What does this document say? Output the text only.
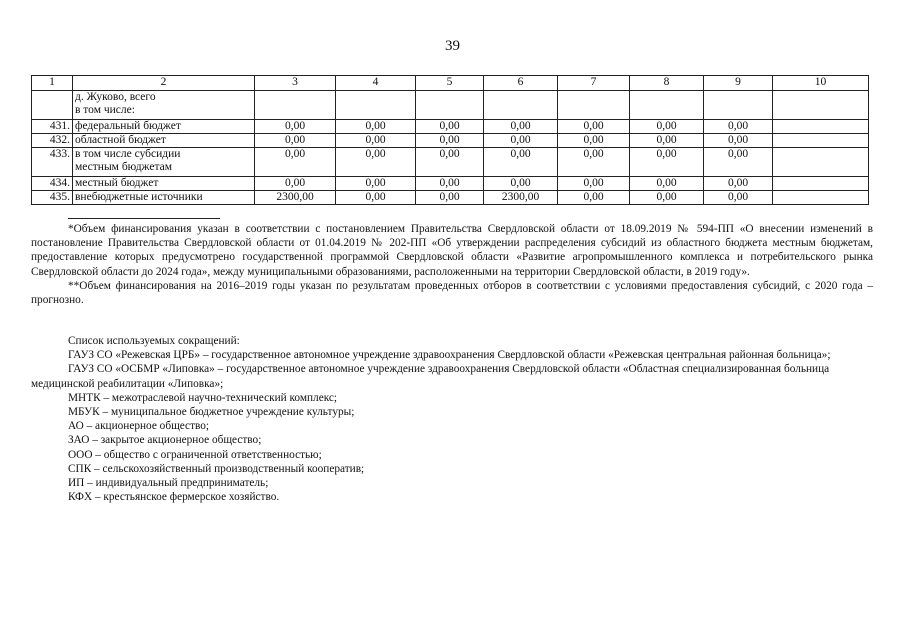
39
1	2	3	4	5	6	7	8	9	10
	д. Жуково, всего
в том числе:								
431.	федеральный бюджет	0,00	0,00	0,00	0,00	0,00	0,00	0,00	
432.	областной бюджет	0,00	0,00	0,00	0,00	0,00	0,00	0,00	
433.	в том числе субсидии
местным бюджетам	0,00	0,00	0,00	0,00	0,00	0,00	0,00	
434.	местный бюджет	0,00	0,00	0,00	0,00	0,00	0,00	0,00	
435.	внебюджетные источники	2300,00	0,00	0,00	2300,00	0,00	0,00	0,00	

*Объем финансирования указан в соответствии с постановлением Правительства Свердловской области от 18.09.2019 № 594-ПП «О внесении изменений в постановление Правительства Свердловской области от 01.04.2019 № 202-ПП «Об утверждении распределения субсидий из областного бюджета местным бюджетам, предоставление которых предусмотрено государственной программой Свердловской области «Развитие агропромышленного комплекса и потребительского рынка Свердловской области до 2024 года», между муниципальными образованиями, расположенными на территории Свердловской области, в 2019 году».

**Объем финансирования на 2016–2019 годы указан по результатам проведенных отборов в соответствии с условиями предоставления субсидий, с 2020 года – прогнозно.

Список используемых сокращений:

ГАУЗ СО «Режевская ЦРБ» – государственное автономное учреждение здравоохранения Свердловской области «Режевская центральная районная больница»;

ГАУЗ СО «ОСБМР «Липовка» – государственное автономное учреждение здравоохранения Свердловской области «Областная специализированная больница медицинской реабилитации «Липовка»;

МНТК – межотраслевой научно-технический комплекс;

МБУК – муниципальное бюджетное учреждение культуры;

АО – акционерное общество;

ЗАО – закрытое акционерное общество;

ООО – общество с ограниченной ответственностью;

СПК – сельскохозяйственный производственный кооператив;

ИП – индивидуальный предприниматель;

КФХ – крестьянское фермерское хозяйство.
